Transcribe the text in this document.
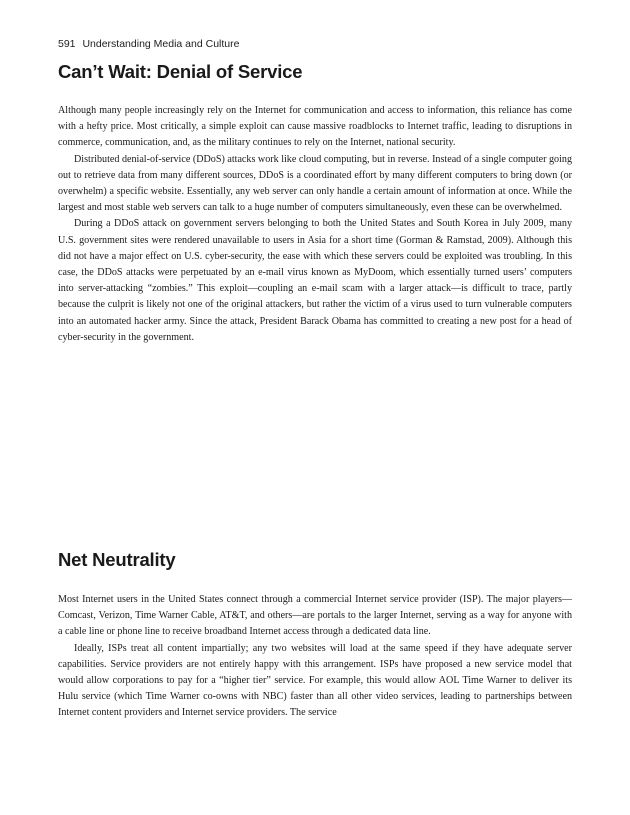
591 Understanding Media and Culture
Can’t Wait: Denial of Service

Although many people increasingly rely on the Internet for communication and access to information, this reliance has come with a hefty price. Most critically, a simple exploit can cause massive roadblocks to Internet traffic, leading to disruptions in commerce, communication, and, as the military continues to rely on the Internet, national security.

Distributed denial-of-service (DDoS) attacks work like cloud computing, but in reverse. Instead of a single computer going out to retrieve data from many different sources, DDoS is a coordinated effort by many different computers to bring down (or overwhelm) a specific website. Essentially, any web server can only handle a certain amount of information at once. While the largest and most stable web servers can talk to a huge number of computers simultaneously, even these can be overwhelmed.

During a DDoS attack on government servers belonging to both the United States and South Korea in July 2009, many U.S. government sites were rendered unavailable to users in Asia for a short time (Gorman & Ramstad, 2009). Although this did not have a major effect on U.S. cyber-security, the ease with which these servers could be exploited was troubling. In this case, the DDoS attacks were perpetuated by an e-mail virus known as MyDoom, which essentially turned users’ computers into server-attacking “zombies.” This exploit—coupling an e-mail scam with a larger attack—is difficult to trace, partly because the culprit is likely not one of the original attackers, but rather the victim of a virus used to turn vulnerable computers into an automated hacker army. Since the attack, President Barack Obama has committed to creating a new post for a head of cyber-security in the government.

Net Neutrality

Most Internet users in the United States connect through a commercial Internet service provider (ISP). The major players—Comcast, Verizon, Time Warner Cable, AT&T, and others—are portals to the larger Internet, serving as a way for anyone with a cable line or phone line to receive broadband Internet access through a dedicated data line.

Ideally, ISPs treat all content impartially; any two websites will load at the same speed if they have adequate server capabilities. Service providers are not entirely happy with this arrangement. ISPs have proposed a new service model that would allow corporations to pay for a “higher tier” service. For example, this would allow AOL Time Warner to deliver its Hulu service (which Time Warner co-owns with NBC) faster than all other video services, leading to partnerships between Internet content providers and Internet service providers. The service
